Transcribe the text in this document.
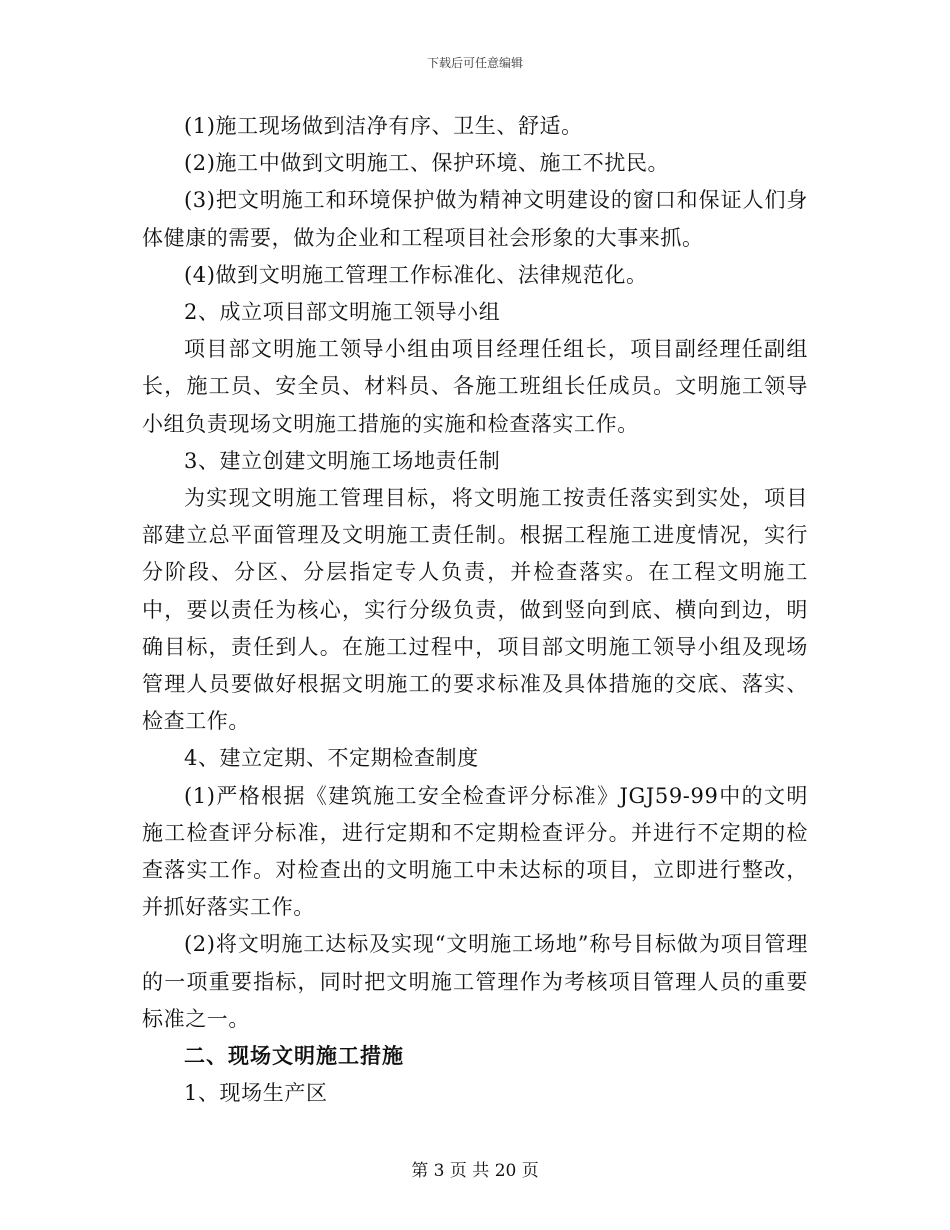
下载后可任意编辑

(1)施工现场做到洁净有序、卫生、舒适。

(2)施工中做到文明施工、保护环境、施工不扰民。

(3)把文明施工和环境保护做为精神文明建设的窗口和保证人们身体健康的需要，做为企业和工程项目社会形象的大事来抓。

(4)做到文明施工管理工作标准化、法律规范化。

2、成立项目部文明施工领导小组

项目部文明施工领导小组由项目经理任组长，项目副经理任副组长，施工员、安全员、材料员、各施工班组长任成员。文明施工领导小组负责现场文明施工措施的实施和检查落实工作。

3、建立创建文明施工场地责任制

为实现文明施工管理目标，将文明施工按责任落实到实处，项目部建立总平面管理及文明施工责任制。根据工程施工进度情况，实行分阶段、分区、分层指定专人负责，并检查落实。在工程文明施工中，要以责任为核心，实行分级负责，做到竖向到底、横向到边，明确目标，责任到人。在施工过程中，项目部文明施工领导小组及现场管理人员要做好根据文明施工的要求标准及具体措施的交底、落实、检查工作。

4、建立定期、不定期检查制度

(1)严格根据《建筑施工安全检查评分标准》JGJ59-99中的文明施工检查评分标准，进行定期和不定期检查评分。并进行不定期的检查落实工作。对检查出的文明施工中未达标的项目，立即进行整改，并抓好落实工作。

(2)将文明施工达标及实现“文明施工场地”称号目标做为项目管理的一项重要指标，同时把文明施工管理作为考核项目管理人员的重要标准之一。

二、现场文明施工措施

1、现场生产区

第 3 页 共 20 页
